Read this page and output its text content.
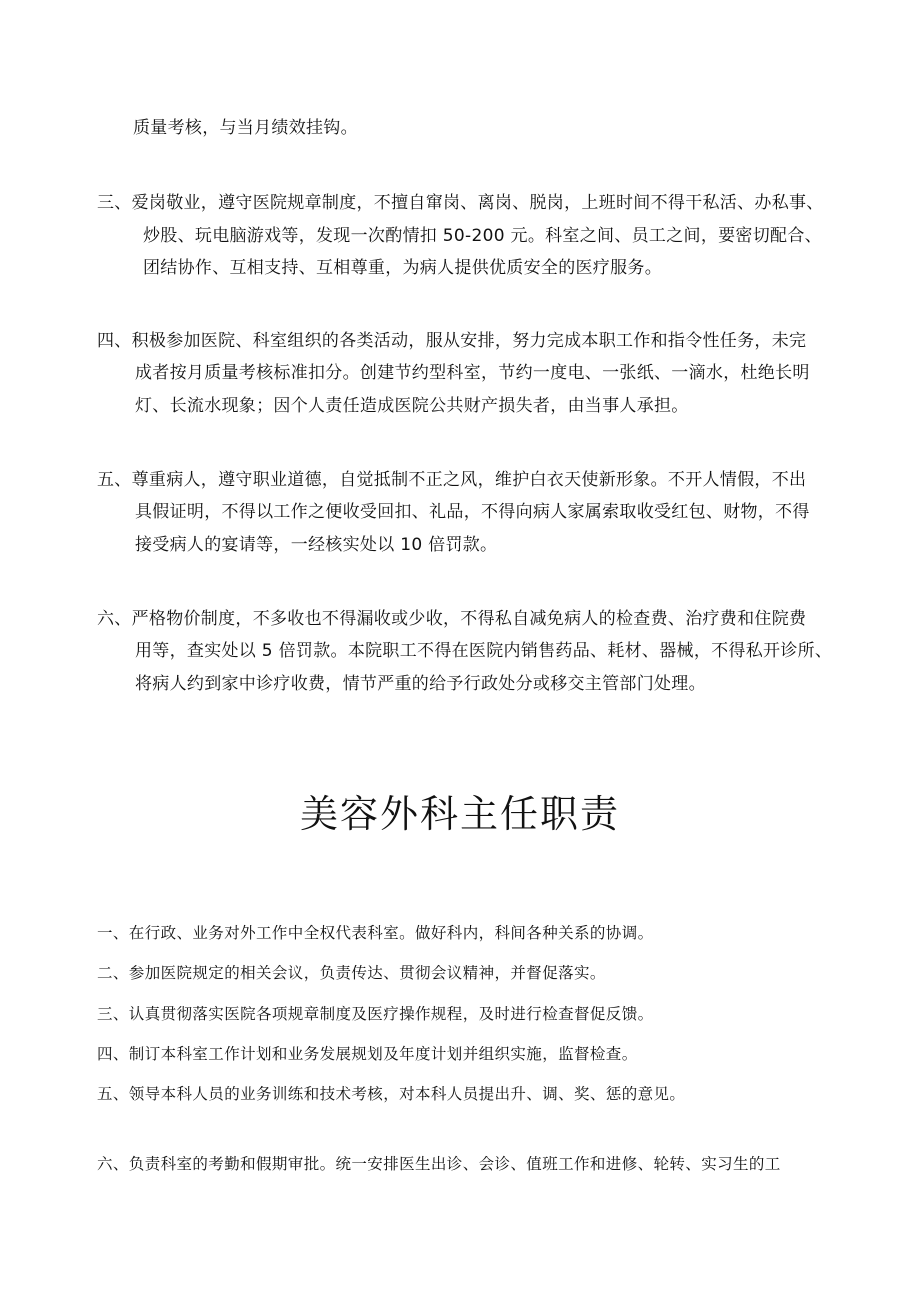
质量考核，与当月绩效挂钩。
三、爱岗敬业，遵守医院规章制度，不擅自窜岗、离岗、脱岗，上班时间不得干私活、办私事、
炒股、玩电脑游戏等，发现一次酌情扣 50-200 元。科室之间、员工之间，要密切配合、
团结协作、互相支持、互相尊重，为病人提供优质安全的医疗服务。
四、积极参加医院、科室组织的各类活动，服从安排，努力完成本职工作和指令性任务，未完
成者按月质量考核标准扣分。创建节约型科室，节约一度电、一张纸、一滴水，杜绝长明
灯、长流水现象；因个人责任造成医院公共财产损失者，由当事人承担。
五、尊重病人，遵守职业道德，自觉抵制不正之风，维护白衣天使新形象。不开人情假，不出
具假证明，不得以工作之便收受回扣、礼品，不得向病人家属索取收受红包、财物，不得
接受病人的宴请等，一经核实处以 10 倍罚款。
六、严格物价制度，不多收也不得漏收或少收，不得私自减免病人的检查费、治疗费和住院费
用等，查实处以 5 倍罚款。本院职工不得在医院内销售药品、耗材、器械，不得私开诊所、
将病人约到家中诊疗收费，情节严重的给予行政处分或移交主管部门处理。
美容外科主任职责
一、在行政、业务对外工作中全权代表科室。做好科内，科间各种关系的协调。
二、参加医院规定的相关会议，负责传达、贯彻会议精神，并督促落实。
三、认真贯彻落实医院各项规章制度及医疗操作规程，及时进行检查督促反馈。
四、制订本科室工作计划和业务发展规划及年度计划并组织实施，监督检查。
五、领导本科人员的业务训练和技术考核，对本科人员提出升、调、奖、惩的意见。
六、负责科室的考勤和假期审批。统一安排医生出诊、会诊、值班工作和进修、轮转、实习生的工
